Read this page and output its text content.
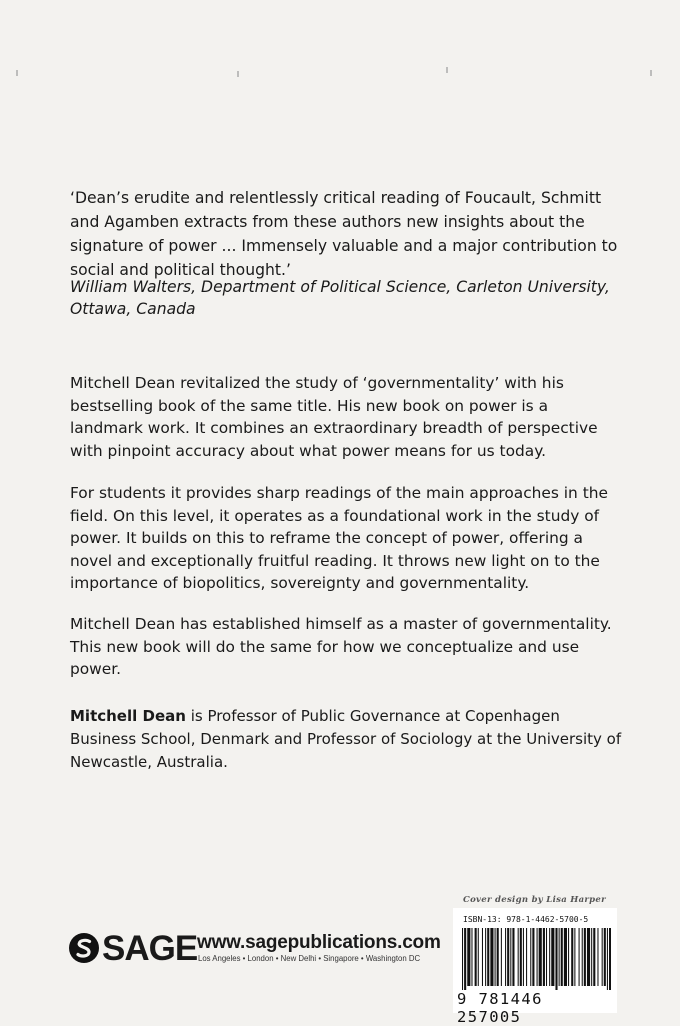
‘Dean’s erudite and relentlessly critical reading of Foucault, Schmitt and Agamben extracts from these authors new insights about the signature of power ... Immensely valuable and a major contribution to social and political thought.’

William Walters, Department of Political Science, Carleton University, Ottawa, Canada

Mitchell Dean revitalized the study of ‘governmentality’ with his bestselling book of the same title. His new book on power is a landmark work. It combines an extraordinary breadth of perspective with pinpoint accuracy about what power means for us today.

For students it provides sharp readings of the main approaches in the field. On this level, it operates as a foundational work in the study of power. It builds on this to reframe the concept of power, offering a novel and exceptionally fruitful reading. It throws new light on to the importance of biopolitics, sovereignty and governmentality.

Mitchell Dean has established himself as a master of governmentality. This new book will do the same for how we conceptualize and use power.

Mitchell Dean is Professor of Public Governance at Copenhagen Business School, Denmark and Professor of Sociology at the University of Newcastle, Australia.

Cover design by Lisa Harper
SAGE www.sagepublications.com
Los Angeles • London • New Delhi • Singapore • Washington DC
ISBN-13: 978-1-4462-5700-5
9 781446 257005
